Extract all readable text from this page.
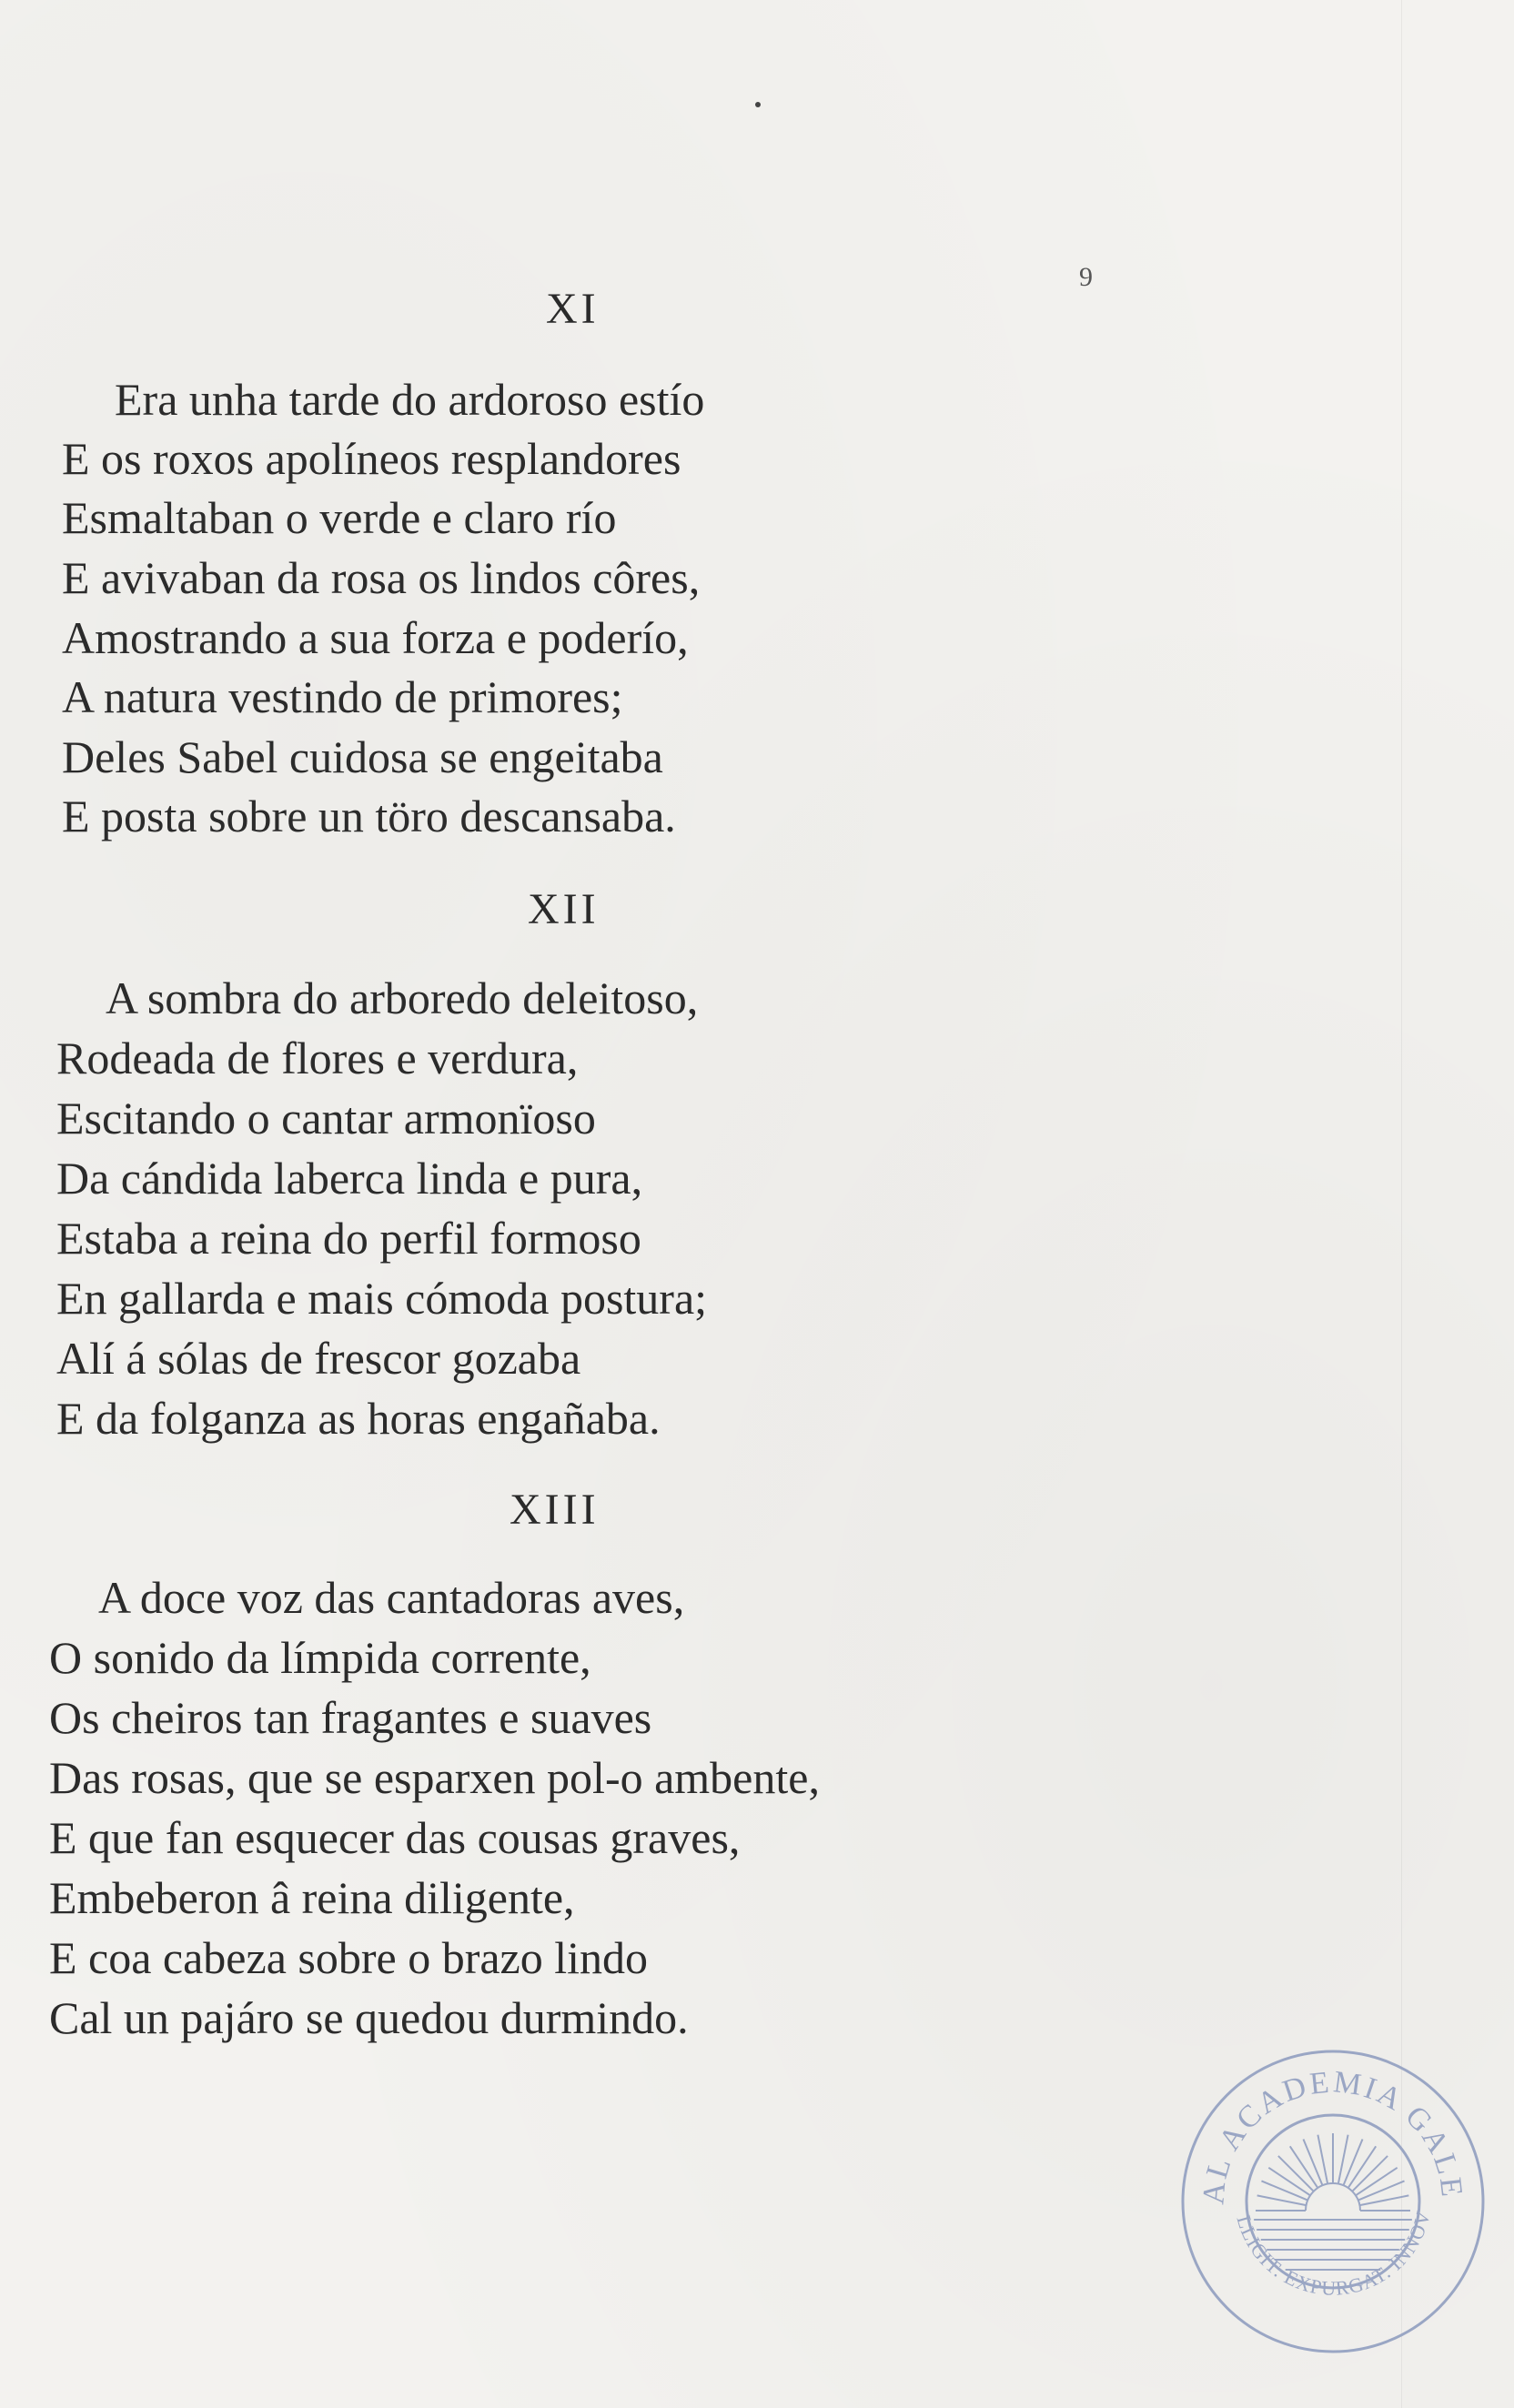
9
XI
Era unha tarde do ardoroso estío
E os roxos apolíneos resplandores
Esmaltaban o verde e claro río
E avivaban da rosa os lindos côres,
Amostrando a sua forza e poderío,
A natura vestindo de primores;
Deles Sabel cuidosa se engeitaba
E posta sobre un töro descansaba.
XII
A sombra do arboredo deleitoso,
Rodeada de flores e verdura,
Escitando o cantar armonïoso
Da cándida laberca linda e pura,
Estaba a reina do perfil formoso
En gallarda e mais cómoda postura;
Alí á sólas de frescor gozaba
E da folganza as horas engañaba.
XIII
A doce voz das cantadoras aves,
O sonido da límpida corrente,
Os cheiros tan fragantes e suaves
Das rosas, que se esparxen pol-o ambente,
E que fan esquecer das cousas graves,
Embeberon â reina diligente,
E coa cabeza sobre o brazo lindo
Cal un pajáro se quedou durmindo.
AL ACADEMIA GALE
LLIGIT. EXPURGAT. INNOV
